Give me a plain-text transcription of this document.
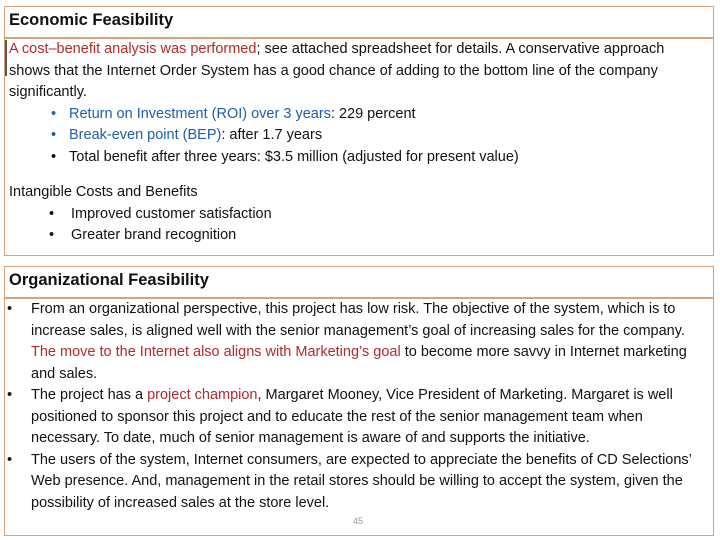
Economic Feasibility
A cost–benefit analysis was performed; see attached spreadsheet for details. A conservative approach shows that the Internet Order System has a good chance of adding to the bottom line of the company significantly.
• Return on Investment (ROI) over 3 years: 229 percent
• Break-even point (BEP): after 1.7 years
• Total benefit after three years: $3.5 million (adjusted for present value)
Intangible Costs and Benefits
• Improved customer satisfaction
• Greater brand recognition
Organizational Feasibility
• From an organizational perspective, this project has low risk. The objective of the system, which is to increase sales, is aligned well with the senior management’s goal of increasing sales for the company. The move to the Internet also aligns with Marketing’s goal to become more savvy in Internet marketing and sales.
• The project has a project champion, Margaret Mooney, Vice President of Marketing. Margaret is well positioned to sponsor this project and to educate the rest of the senior management team when necessary. To date, much of senior management is aware of and supports the initiative.
• The users of the system, Internet consumers, are expected to appreciate the benefits of CD Selections’ Web presence. And, management in the retail stores should be willing to accept the system, given the possibility of increased sales at the store level.
45
